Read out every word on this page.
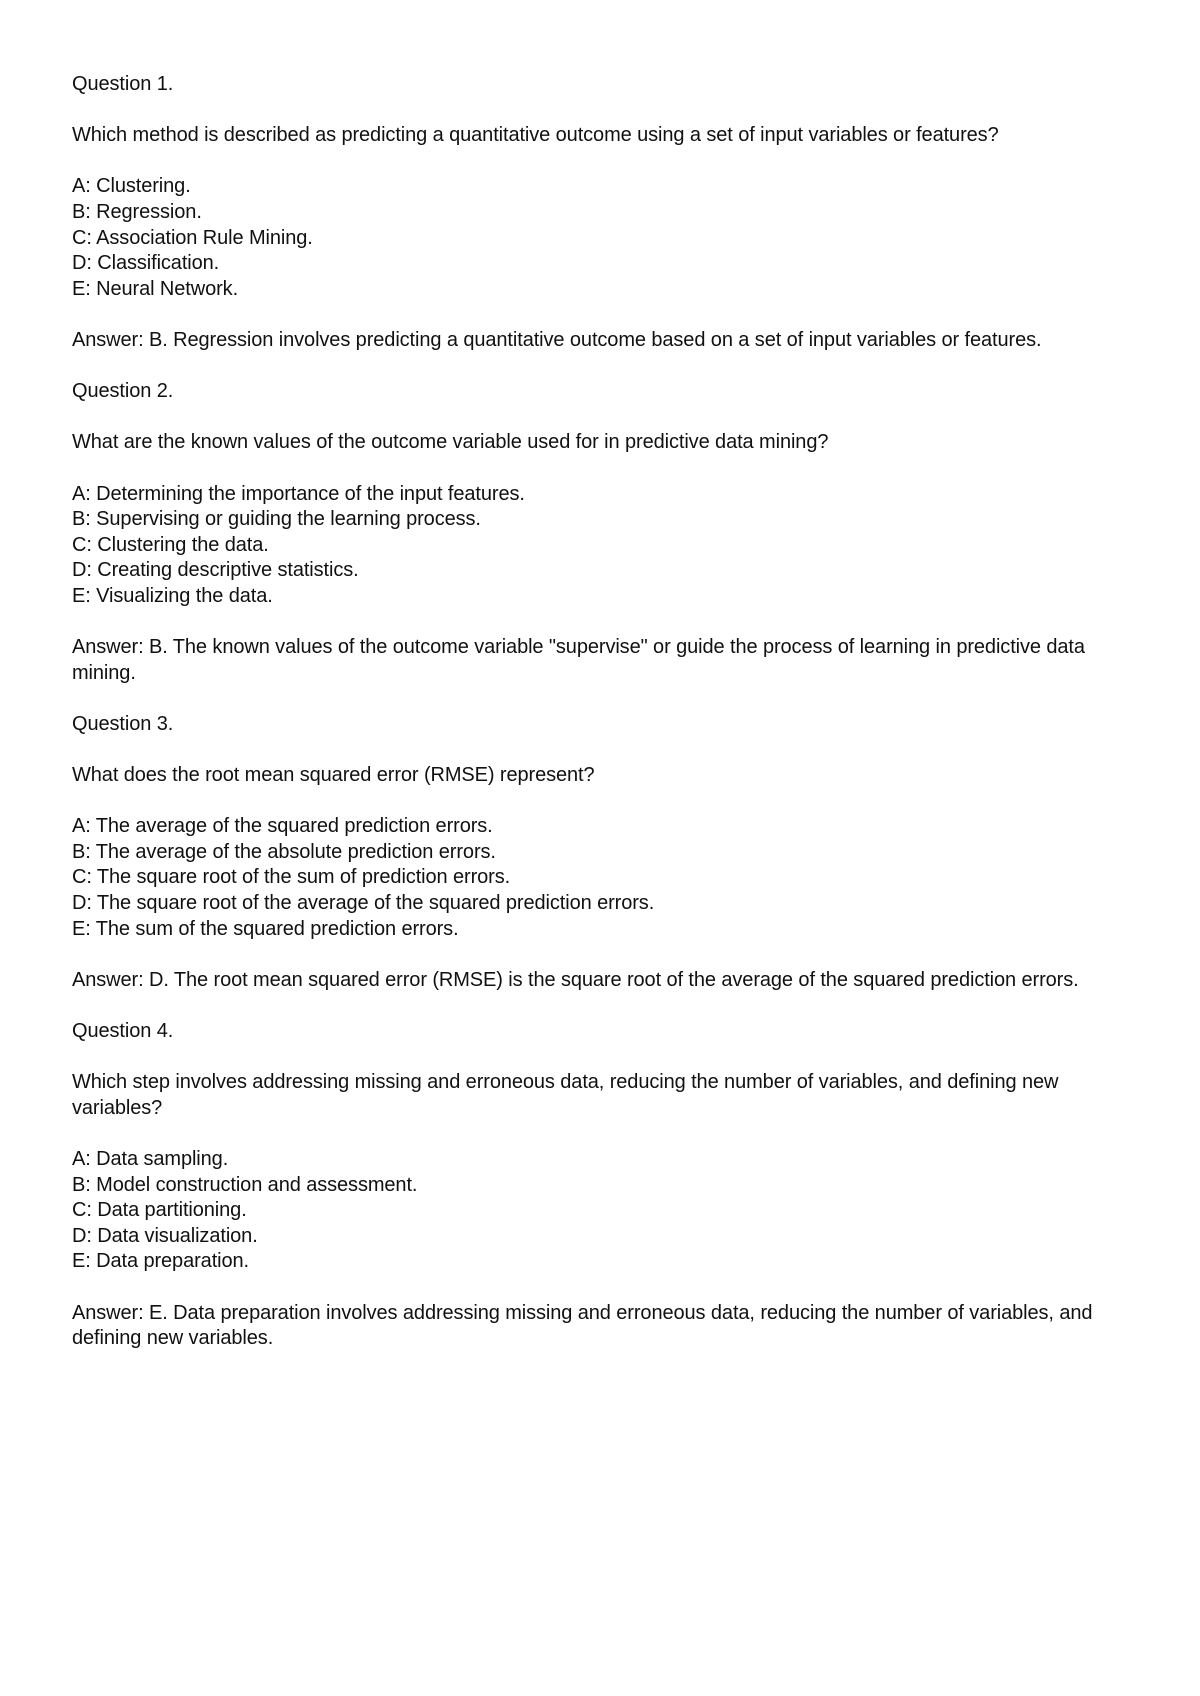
Question 1.

Which method is described as predicting a quantitative outcome using a set of input variables or features?

A: Clustering.
B: Regression.
C: Association Rule Mining.
D: Classification.
E: Neural Network.

Answer: B. Regression involves predicting a quantitative outcome based on a set of input variables or features.

Question 2.

What are the known values of the outcome variable used for in predictive data mining?

A: Determining the importance of the input features.
B: Supervising or guiding the learning process.
C: Clustering the data.
D: Creating descriptive statistics.
E: Visualizing the data.

Answer: B. The known values of the outcome variable "supervise" or guide the process of learning in predictive data mining.

Question 3.

What does the root mean squared error (RMSE) represent?

A: The average of the squared prediction errors.
B: The average of the absolute prediction errors.
C: The square root of the sum of prediction errors.
D: The square root of the average of the squared prediction errors.
E: The sum of the squared prediction errors.

Answer: D. The root mean squared error (RMSE) is the square root of the average of the squared prediction errors.

Question 4.

Which step involves addressing missing and erroneous data, reducing the number of variables, and defining new variables?

A: Data sampling.
B: Model construction and assessment.
C: Data partitioning.
D: Data visualization.
E: Data preparation.

Answer: E. Data preparation involves addressing missing and erroneous data, reducing the number of variables, and defining new variables.
